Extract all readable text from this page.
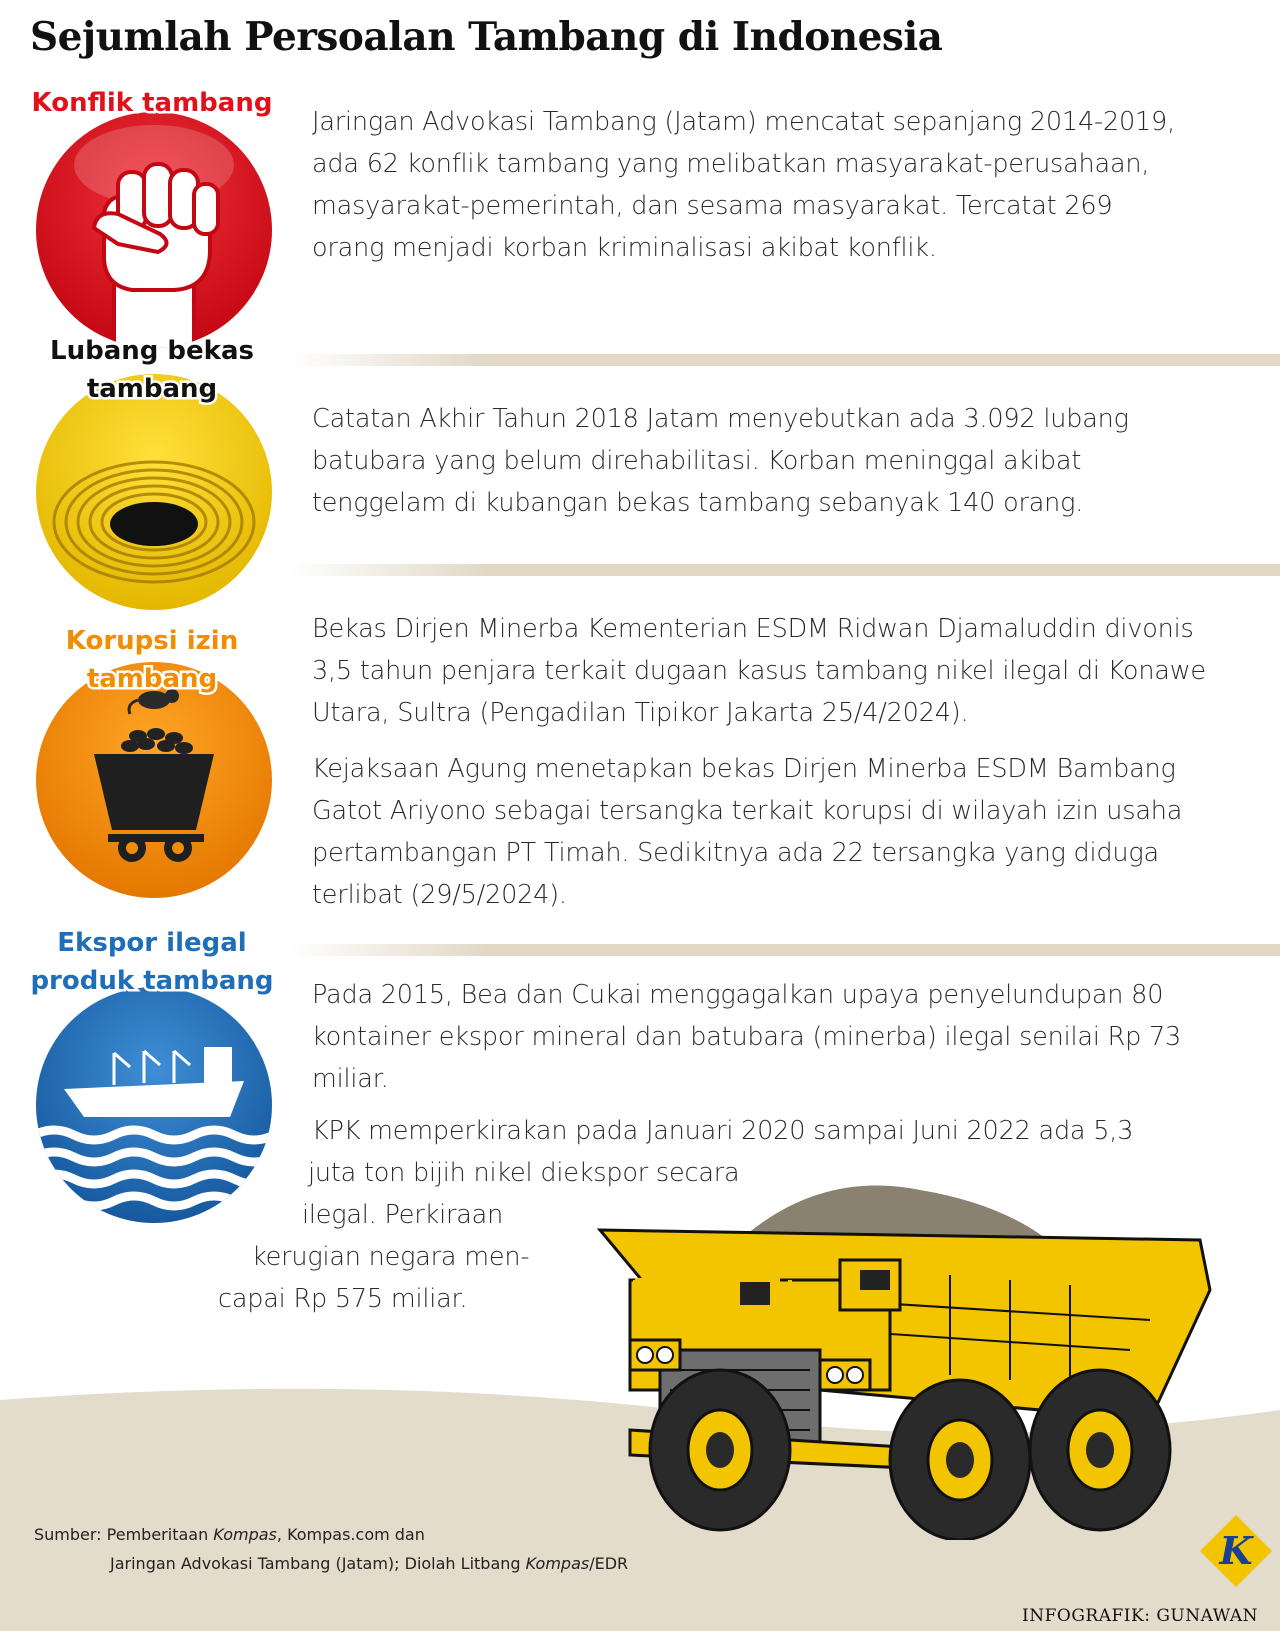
Sejumlah Persoalan Tambang di Indonesia
Konflik tambang

Jaringan Advokasi Tambang (Jatam) mencatat sepanjang 2014-2019, ada 62 konflik tambang yang melibatkan masyarakat-perusahaan, masyarakat-pemerintah, dan sesama masyarakat. Tercatat 269 orang menjadi korban kriminalisasi akibat konflik.

Lubang bekas
tambang

Catatan Akhir Tahun 2018 Jatam menyebutkan ada 3.092 lubang batubara yang belum direhabilitasi. Korban meninggal akibat tenggelam di kubangan bekas tambang sebanyak 140 orang.

Korupsi izin
tambang

Bekas Dirjen Minerba Kementerian ESDM Ridwan Djamaluddin divonis 3,5 tahun penjara terkait dugaan kasus tambang nikel ilegal di Konawe Utara, Sultra (Pengadilan Tipikor Jakarta 25/4/2024).

Kejaksaan Agung menetapkan bekas Dirjen Minerba ESDM Bambang Gatot Ariyono sebagai tersangka terkait korupsi di wilayah izin usaha pertambangan PT Timah. Sedikitnya ada 22 tersangka yang diduga terlibat (29/5/2024).

Ekspor ilegal
produk tambang	Pada 2015, Bea dan Cukai menggagalkan upaya penyelundupan 80 kontainer ekspor mineral dan batubara (minerba) ilegal senilai Rp 73 miliar.

KPK memperkirakan pada Januari 2020 sampai Juni 2022 ada 5,3

juta ton bijih nikel diekspor secara

ilegal. Perkiraan

kerugian negara men-

capai Rp 575 miliar.

K
Sumber: Pemberitaan Kompas, Kompas.com dan
Jaringan Advokasi Tambang (Jatam); Diolah Litbang Kompas/EDR
INFOGRAFIK: GUNAWAN
